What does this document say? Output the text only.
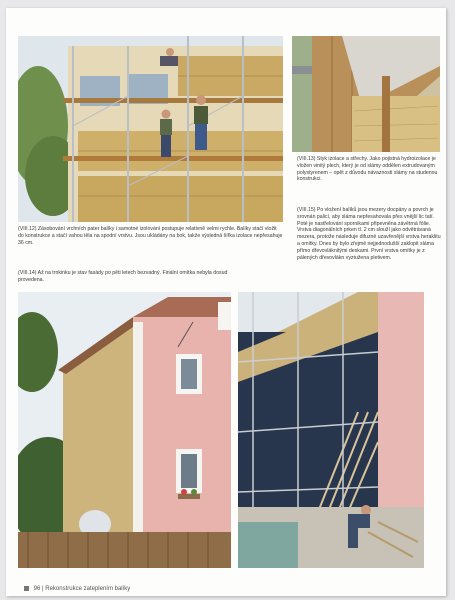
(VIII.12) Zásobování vrchních pater balíky i samotné izolování postupuje relativně velmi rychle. Balíky stačí vložit do konstrukce a stačí vahou těla na spodní vrstvu. Jsou ukládány na bok, takže výsledná šířka izolace nepřesahuje 36 cm.
(VIII.13) Styk izolace a střechy. Jako pojistná hydroizolace je vložen vinitý plech, který je od slámy oddělen extrudovaným polystyrenem – opět z důvodu návaznosti slámy na studenou konstrukci.
(VIII.14) Až na trnkinku je stav fasády po pěti letech bezvadný. Finální omítka nebyla dosud provedena.
(VIII.15) Po vložení balíků jsou mezery docpány a povrch je srovnán palicí, aby sláma nepřesahovala přes vnější lic tatí. Poté je nastřelování spornikami připevněna závětrná fólie. Vrstva diagonálních prken tl. 2 cm slouží jako odvětrávaná mezera, protože následuje difuzně uzavřenější vrstva heraklitu a omítky. Dnes by bylo zřejmě nejjednodušší zaklopit sláma přímo dřevovláknitými deskami. První vrstva omítky je z pálených dřevovlákn vyztužena pletivem.
96 | Rekonstrukce zateplením balíky
